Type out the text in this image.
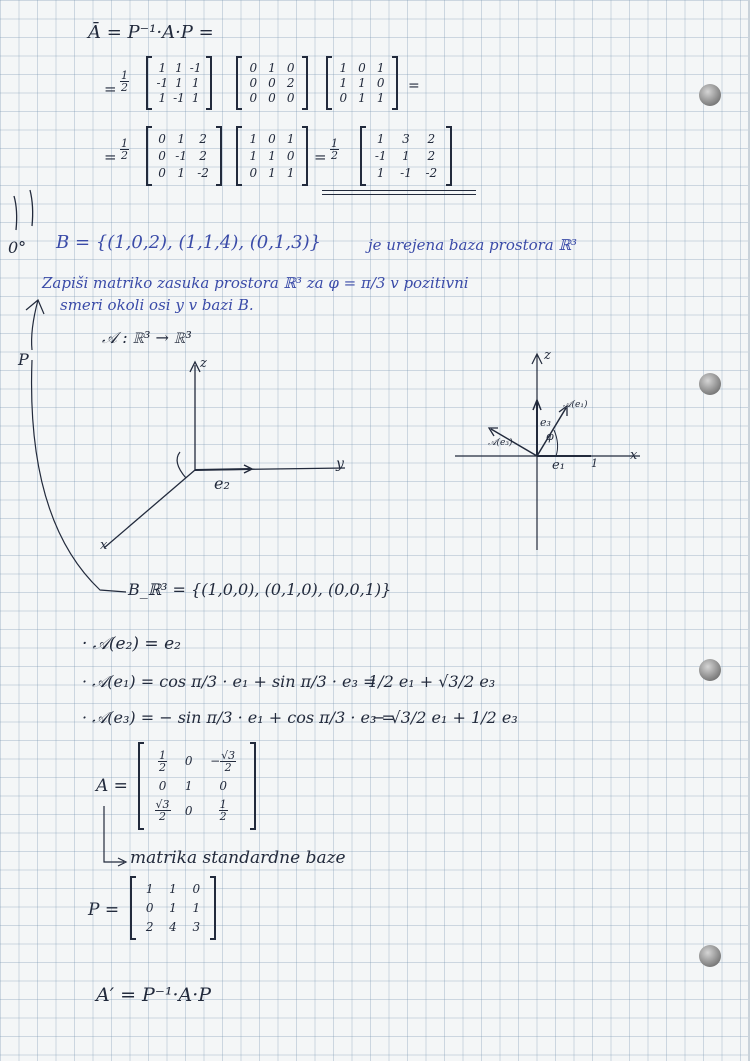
Ā = P⁻¹·A·P =
= $\frac{1}{2}$
1	1	-1
-1	1	1
1	-1	1
0	1	0
0	0	2
0	0	0
1	0	1
1	1	0
0	1	1
=
= $\frac{1}{2} 0$	1	2
0	-1	2
0	1	-2
1	0	1
1	1	0
0	1	1
= $\frac{1}{2}$	1	3	2
-1	1	2
1	-1	-2
0° B = {(1,0,2), (1,1,4), (0,1,3)}	je urejena baza prostora ℝ³
Zapiši matriko zasuka prostora ℝ³ za φ = π/3 v pozitivni
smeri okoli osi y v bazi B.
𝒜 : ℝ³ → ℝ³
P	z
y
x
e₂
z
x
e₁ 1
e₃
𝒜(e₁)
𝒜(e₃)	φ
B_ℝ³ = {(1,0,0), (0,1,0), (0,0,1)}
· 𝒜(e₂) = e₂
· 𝒜(e₁) = cos π/3 · e₁ + sin π/3 · e₃ =
1/2 e₁ + √3/2 e₃
· 𝒜(e₃) = − sin π/3 · e₁ + cos π/3 · e₃ =
− √3/2 e₁ + 1/2 e₃
A =
$\frac{1}{2}$	0	− $\frac{√3}{2}$

0	1	0

$\frac{√3}{2}$	0	$\frac{1}{2}$
matrika standardne baze
P =
1	1	0
0	1	1
2	4	3
A′ = P⁻¹·A·P
